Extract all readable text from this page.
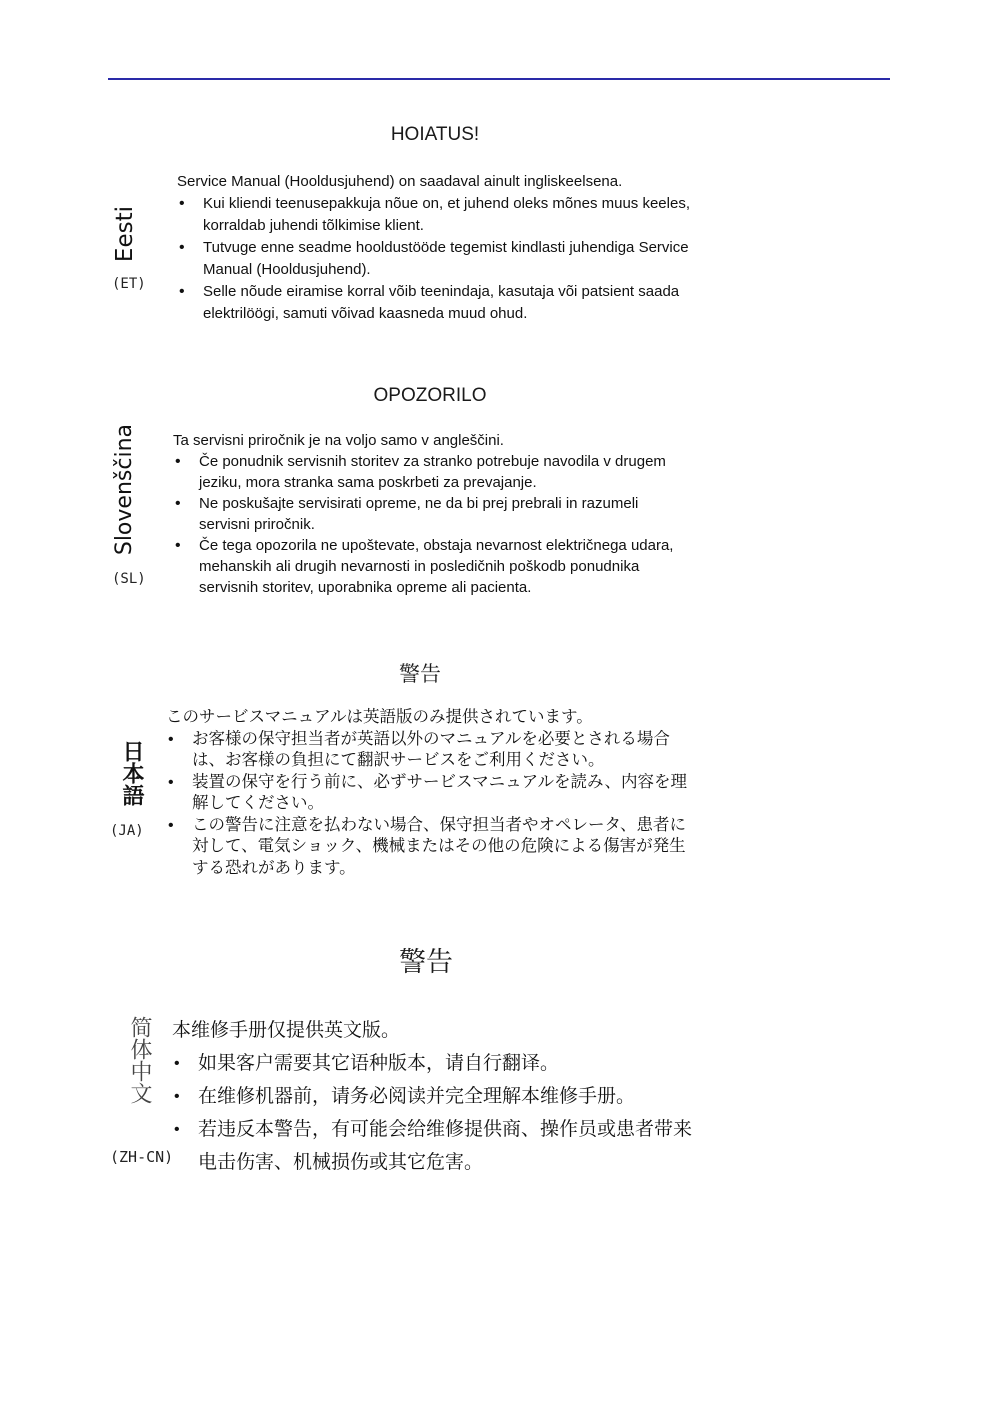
HOIATUS!
Eesti
(ET)

Service Manual (Hooldusjuhend) on saadaval ainult ingliskeelsena.

• Kui kliendi teenusepakkuja nõue on, et juhend oleks mõnes muus keeles, korraldab juhendi tõlkimise klient.
• Tutvuge enne seadme hooldustööde tegemist kindlasti juhendiga Service Manual (Hooldusjuhend).
• Selle nõude eiramise korral võib teenindaja, kasutaja või patsient saada elektrilöögi, samuti võivad kaasneda muud ohud.
OPOZORILO
Slovenščina
(SL)

Ta servisni priročnik je na voljo samo v angleščini.

• Če ponudnik servisnih storitev za stranko potrebuje navodila v drugem jeziku, mora stranka sama poskrbeti za prevajanje.
• Ne poskušajte servisirati opreme, ne da bi prej prebrali in razumeli servisni priročnik.
• Če tega opozorila ne upoštevate, obstaja nevarnost električnega udara, mehanskih ali drugih nevarnosti in posledičnih poškodb ponudnika servisnih storitev, uporabnika opreme ali pacienta.
警告
日本語
(JA)

このサービスマニュアルは英語版のみ提供されています。

• お客様の保守担当者が英語以外のマニュアルを必要とされる場合は、お客様の負担にて翻訳サービスをご利用ください。
• 装置の保守を行う前に、必ずサービスマニュアルを読み、内容を理解してください。
• この警告に注意を払わない場合、保守担当者やオペレータ、患者に対して、電気ショック、機械またはその他の危険による傷害が発生する恐れがあります。
警告
简体中文
(ZH-CN)

本维修手册仅提供英文版。

• 如果客户需要其它语种版本，请自行翻译。
• 在维修机器前，请务必阅读并完全理解本维修手册。
• 若违反本警告，有可能会给维修提供商、操作员或患者带来电击伤害、机械损伤或其它危害。
